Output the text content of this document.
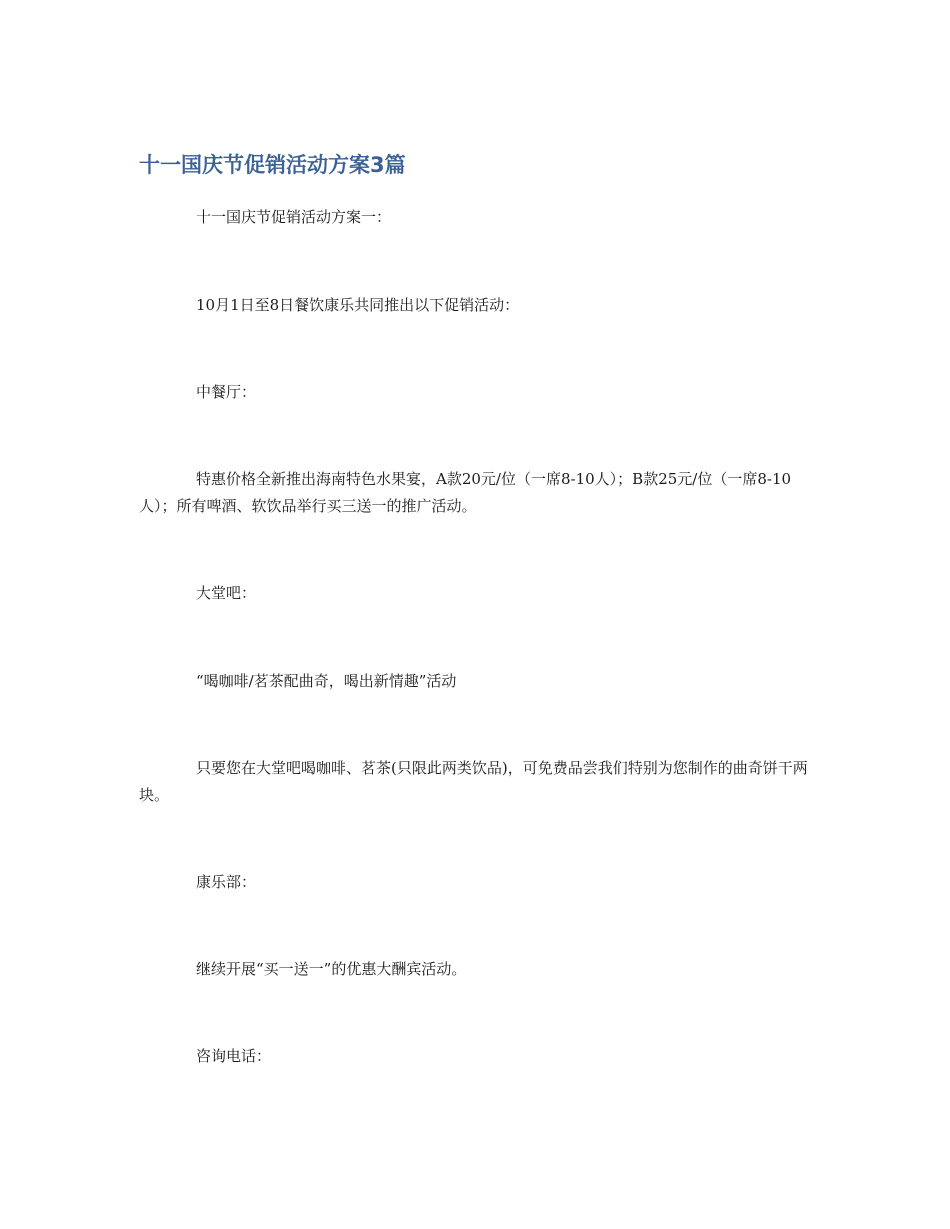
十一国庆节促销活动方案3篇

十一国庆节促销活动方案一：

10月1日至8日餐饮康乐共同推出以下促销活动：

中餐厅：

特惠价格全新推出海南特色水果宴，A款20元/位（一席8-10人）；B款25元/位（一席8-10人）；所有啤酒、软饮品举行买三送一的推广活动。

大堂吧：

“喝咖啡/茗茶配曲奇，喝出新情趣”活动

只要您在大堂吧喝咖啡、茗茶(只限此两类饮品)，可免费品尝我们特别为您制作的曲奇饼干两块。

康乐部：

继续开展“买一送一”的优惠大酬宾活动。

咨询电话：
